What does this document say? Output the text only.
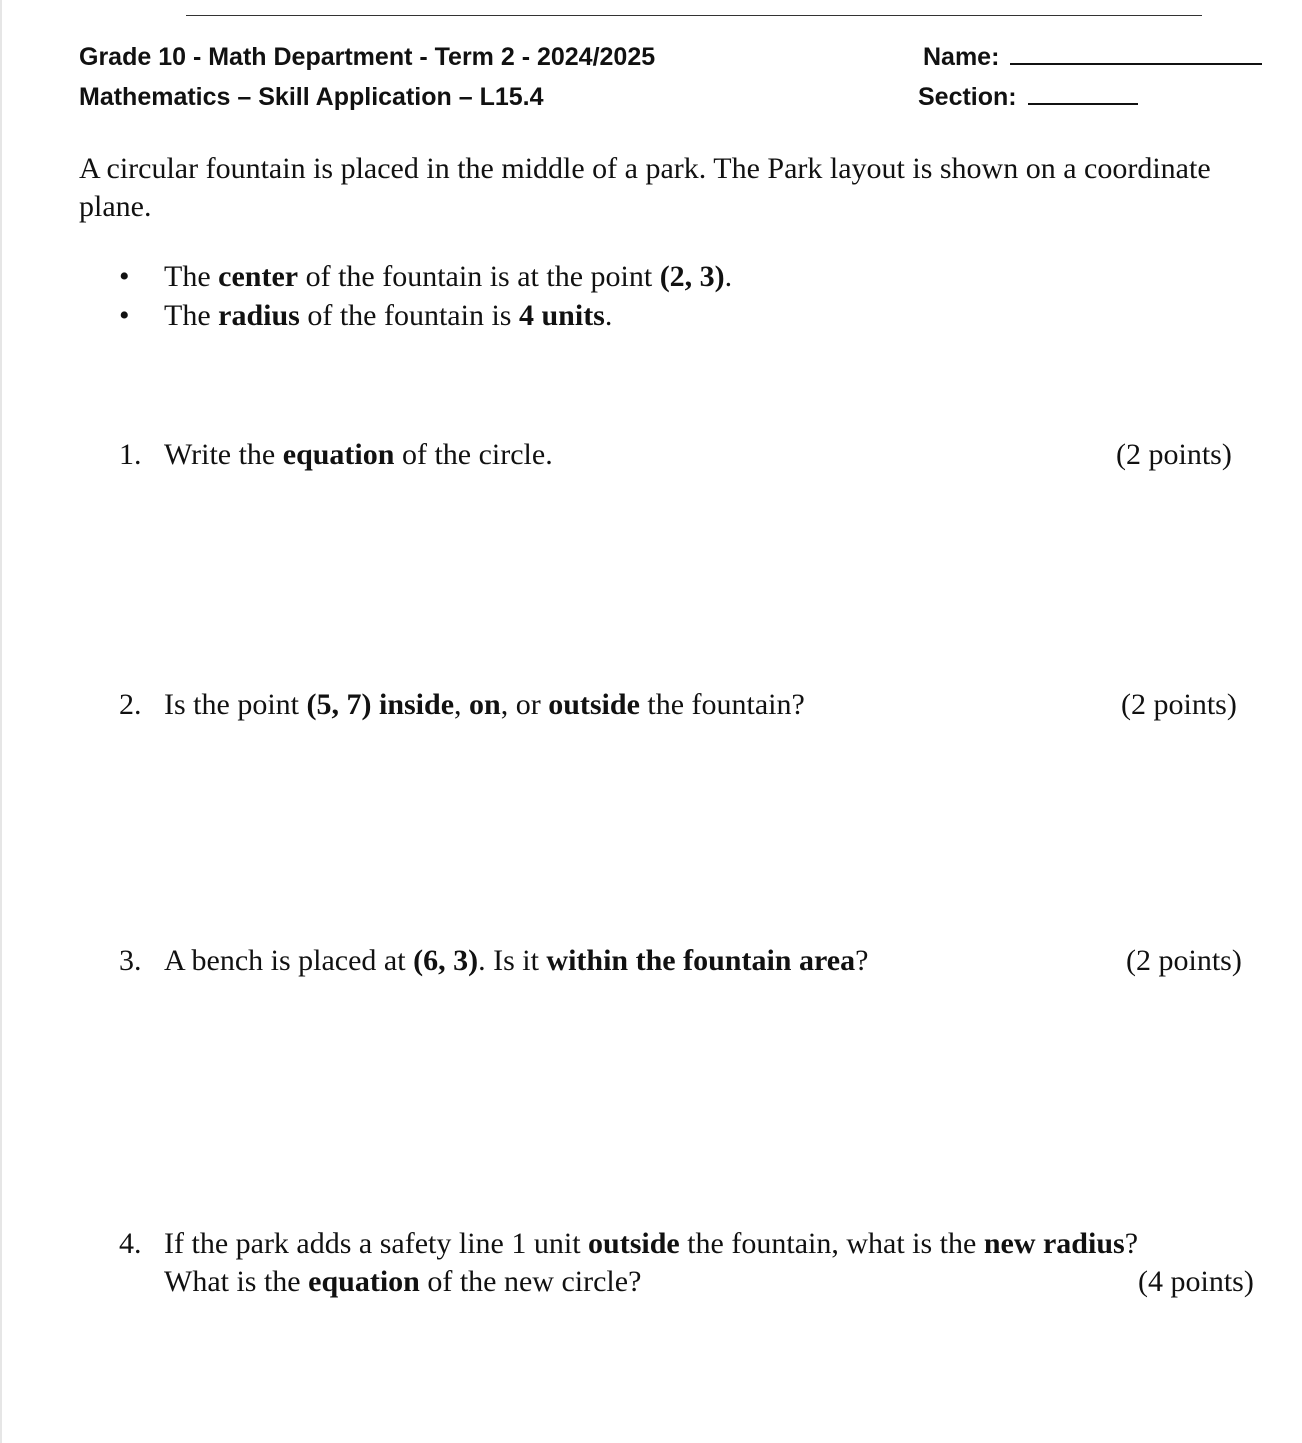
Grade 10 - Math Department - Term 2 - 2024/2025
Mathematics – Skill Application – L15.4
Name:
Section:

A circular fountain is placed in the middle of a park. The Park layout is shown on a coordinate plane.

• The center of the fountain is at the point (2, 3).
• The radius of the fountain is 4 units.
1. Write the equation of the circle.	(2 points)
2. Is the point (5, 7) inside, on, or outside the fountain?	(2 points)
3. A bench is placed at (6, 3). Is it within the fountain area?	(2 points)
4. If the park adds a safety line 1 unit outside the fountain, what is the new radius?
What is the equation of the new circle?	(4 points)
